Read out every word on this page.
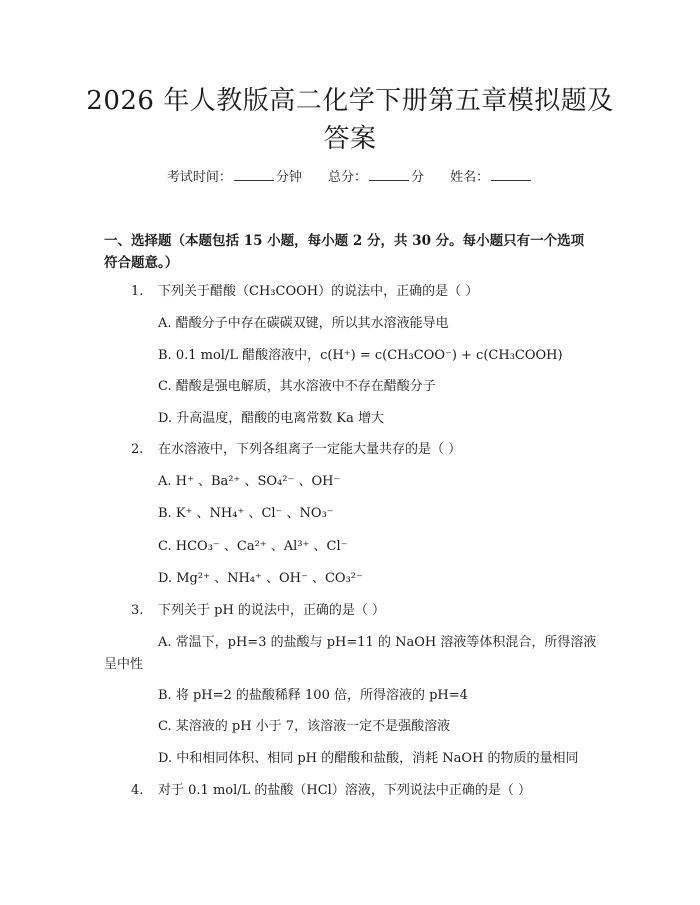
2026 年人教版高二化学下册第五章模拟题及答案
考试时间：	分钟 总分：	分 姓名：

一、选择题（本题包括 15 小题，每小题 2 分，共 30 分。每小题只有一个选项符合题意。）

1. 下列关于醋酸（CH₃COOH）的说法中，正确的是（ ）
A. 醋酸分子中存在碳碳双键，所以其水溶液能导电
B. 0.1 mol/L 醋酸溶液中，c(H⁺) = c(CH₃COO⁻) + c(CH₃COOH)
C. 醋酸是强电解质，其水溶液中不存在醋酸分子
D. 升高温度，醋酸的电离常数 Ka 增大
2. 在水溶液中，下列各组离子一定能大量共存的是（ ）
A. H⁺ 、Ba²⁺ 、SO₄²⁻ 、OH⁻
B. K⁺ 、NH₄⁺ 、Cl⁻ 、NO₃⁻
C. HCO₃⁻ 、Ca²⁺ 、Al³⁺ 、Cl⁻
D. Mg²⁺ 、NH₄⁺ 、OH⁻ 、CO₃²⁻
3. 下列关于 pH 的说法中，正确的是（ ）
A. 常温下，pH=3 的盐酸与 pH=11 的 NaOH 溶液等体积混合，所得溶液呈中性
B. 将 pH=2 的盐酸稀释 100 倍，所得溶液的 pH=4
C. 某溶液的 pH 小于 7，该溶液一定不是强酸溶液
D. 中和相同体积、相同 pH 的醋酸和盐酸，消耗 NaOH 的物质的量相同
4. 对于 0.1 mol/L 的盐酸（HCl）溶液，下列说法中正确的是（ ）
